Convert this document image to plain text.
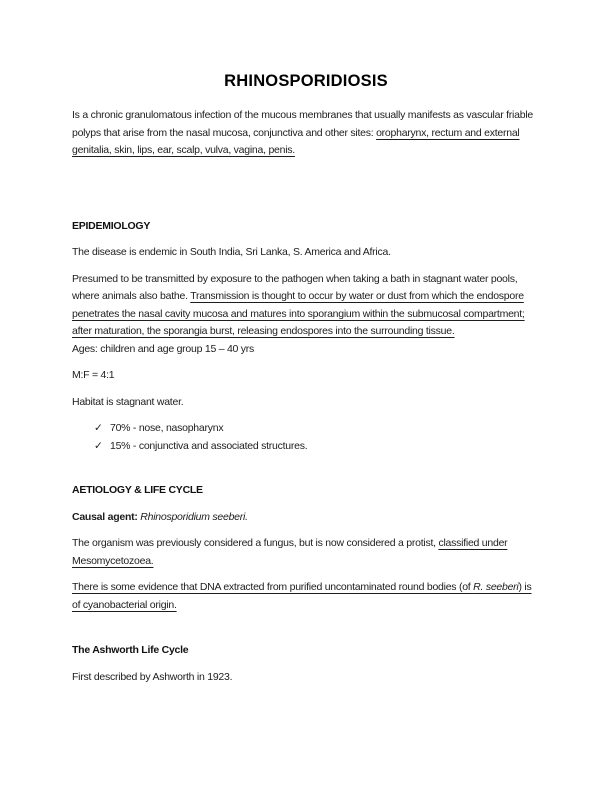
RHINOSPORIDIOSIS

Is a chronic granulomatous infection of the mucous membranes that usually manifests as vascular friable polyps that arise from the nasal mucosa, conjunctiva and other sites: oropharynx, rectum and external genitalia, skin, lips, ear, scalp, vulva, vagina, penis.

EPIDEMIOLOGY

The disease is endemic in South India, Sri Lanka, S. America and Africa.

Presumed to be transmitted by exposure to the pathogen when taking a bath in stagnant water pools, where animals also bathe. Transmission is thought to occur by water or dust from which the endospore penetrates the nasal cavity mucosa and matures into sporangium within the submucosal compartment; after maturation, the sporangia burst, releasing endospores into the surrounding tissue.

Ages: children and age group 15 – 40 yrs

M:F = 4:1

Habitat is stagnant water.

✓ 70% - nose, nasopharynx
✓ 15% - conjunctiva and associated structures.
AETIOLOGY & LIFE CYCLE

Causal agent: Rhinosporidium seeberi.

The organism was previously considered a fungus, but is now considered a protist, classified under Mesomycetozoea.

There is some evidence that DNA extracted from purified uncontaminated round bodies (of R. seeberi) is of cyanobacterial origin.

The Ashworth Life Cycle

First described by Ashworth in 1923.
